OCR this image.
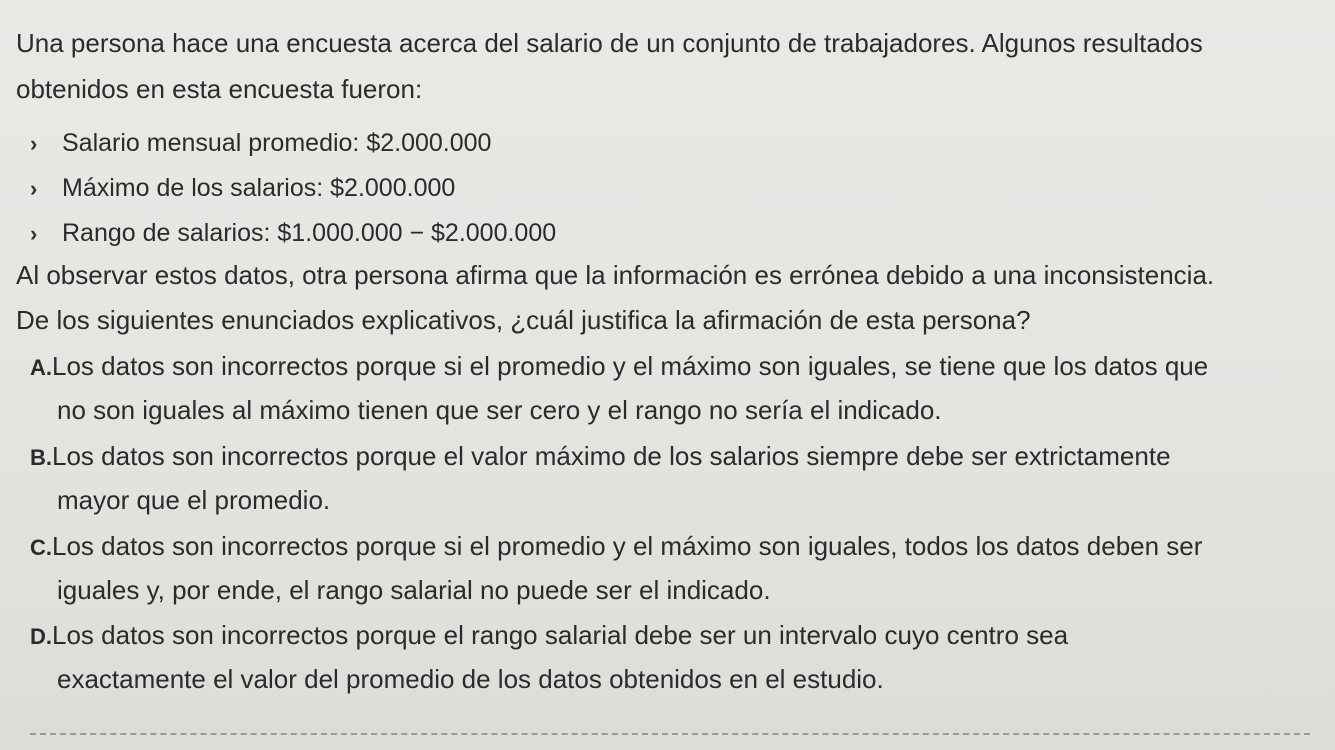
Una persona hace una encuesta acerca del salario de un conjunto de trabajadores. Algunos resultados
obtenidos en esta encuesta fueron:
› Salario mensual promedio: $2.000.000
› Máximo de los salarios: $2.000.000
› Rango de salarios: $1.000.000 − $2.000.000
Al observar estos datos, otra persona afirma que la información es errónea debido a una inconsistencia.
De los siguientes enunciados explicativos, ¿cuál justifica la afirmación de esta persona?
A.Los datos son incorrectos porque si el promedio y el máximo son iguales, se tiene que los datos que
no son iguales al máximo tienen que ser cero y el rango no sería el indicado.
B.Los datos son incorrectos porque el valor máximo de los salarios siempre debe ser extrictamente
mayor que el promedio.
C.Los datos son incorrectos porque si el promedio y el máximo son iguales, todos los datos deben ser
iguales y, por ende, el rango salarial no puede ser el indicado.
D.Los datos son incorrectos porque el rango salarial debe ser un intervalo cuyo centro sea
exactamente el valor del promedio de los datos obtenidos en el estudio.
